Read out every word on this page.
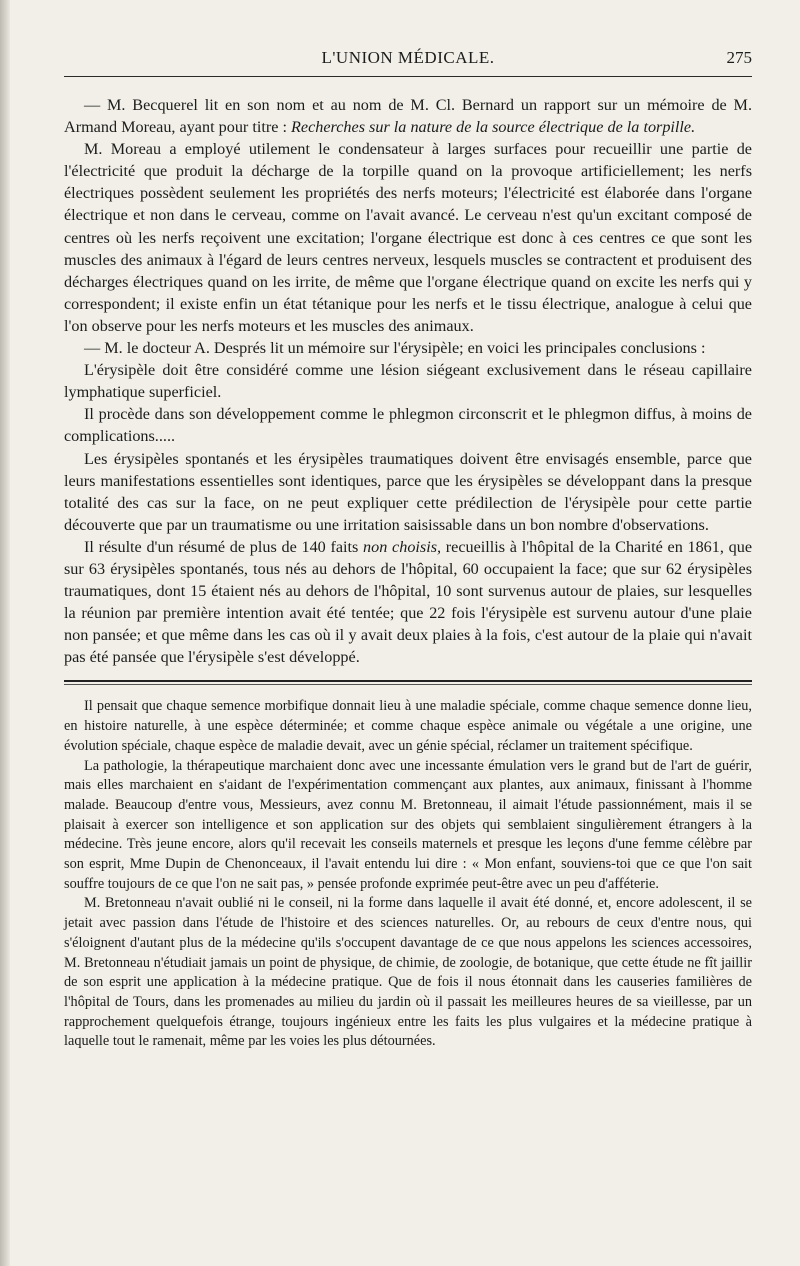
L'UNION MÉDICALE.	275

— M. Becquerel lit en son nom et au nom de M. Cl. Bernard un rapport sur un mémoire de M. Armand Moreau, ayant pour titre : Recherches sur la nature de la source électrique de la torpille.

M. Moreau a employé utilement le condensateur à larges surfaces pour recueillir une partie de l'électricité que produit la décharge de la torpille quand on la provoque artificiellement; les nerfs électriques possèdent seulement les propriétés des nerfs moteurs; l'électricité est élaborée dans l'organe électrique et non dans le cerveau, comme on l'avait avancé. Le cerveau n'est qu'un excitant composé de centres où les nerfs reçoivent une excitation; l'organe électrique est donc à ces centres ce que sont les muscles des animaux à l'égard de leurs centres nerveux, lesquels muscles se contractent et produisent des décharges électriques quand on les irrite, de même que l'organe électrique quand on excite les nerfs qui y correspondent; il existe enfin un état tétanique pour les nerfs et le tissu électrique, analogue à celui que l'on observe pour les nerfs moteurs et les muscles des animaux.

— M. le docteur A. Després lit un mémoire sur l'érysipèle; en voici les principales conclusions :

L'érysipèle doit être considéré comme une lésion siégeant exclusivement dans le réseau capillaire lymphatique superficiel.

Il procède dans son développement comme le phlegmon circonscrit et le phlegmon diffus, à moins de complications.....

Les érysipèles spontanés et les érysipèles traumatiques doivent être envisagés ensemble, parce que leurs manifestations essentielles sont identiques, parce que les érysipèles se développant dans la presque totalité des cas sur la face, on ne peut expliquer cette prédilection de l'érysipèle pour cette partie découverte que par un traumatisme ou une irritation saisissable dans un bon nombre d'observations.

Il résulte d'un résumé de plus de 140 faits non choisis, recueillis à l'hôpital de la Charité en 1861, que sur 63 érysipèles spontanés, tous nés au dehors de l'hôpital, 60 occupaient la face; que sur 62 érysipèles traumatiques, dont 15 étaient nés au dehors de l'hôpital, 10 sont survenus autour de plaies, sur lesquelles la réunion par première intention avait été tentée; que 22 fois l'érysipèle est survenu autour d'une plaie non pansée; et que même dans les cas où il y avait deux plaies à la fois, c'est autour de la plaie qui n'avait pas été pansée que l'érysipèle s'est développé.

Il pensait que chaque semence morbifique donnait lieu à une maladie spéciale, comme chaque semence donne lieu, en histoire naturelle, à une espèce déterminée; et comme chaque espèce animale ou végétale a une origine, une évolution spéciale, chaque espèce de maladie devait, avec un génie spécial, réclamer un traitement spécifique.

La pathologie, la thérapeutique marchaient donc avec une incessante émulation vers le grand but de l'art de guérir, mais elles marchaient en s'aidant de l'expérimentation commençant aux plantes, aux animaux, finissant à l'homme malade. Beaucoup d'entre vous, Messieurs, avez connu M. Bretonneau, il aimait l'étude passionnément, mais il se plaisait à exercer son intelligence et son application sur des objets qui semblaient singulièrement étrangers à la médecine. Très jeune encore, alors qu'il recevait les conseils maternels et presque les leçons d'une femme célèbre par son esprit, Mme Dupin de Chenonceaux, il l'avait entendu lui dire : « Mon enfant, souviens-toi que ce que l'on sait souffre toujours de ce que l'on ne sait pas, » pensée profonde exprimée peut-être avec un peu d'afféterie.

M. Bretonneau n'avait oublié ni le conseil, ni la forme dans laquelle il avait été donné, et, encore adolescent, il se jetait avec passion dans l'étude de l'histoire et des sciences naturelles. Or, au rebours de ceux d'entre nous, qui s'éloignent d'autant plus de la médecine qu'ils s'occupent davantage de ce que nous appelons les sciences accessoires, M. Bretonneau n'étudiait jamais un point de physique, de chimie, de zoologie, de botanique, que cette étude ne fît jaillir de son esprit une application à la médecine pratique. Que de fois il nous étonnait dans les causeries familières de l'hôpital de Tours, dans les promenades au milieu du jardin où il passait les meilleures heures de sa vieillesse, par un rapprochement quelquefois étrange, toujours ingénieux entre les faits les plus vulgaires et la médecine pratique à laquelle tout le ramenait, même par les voies les plus détournées.
